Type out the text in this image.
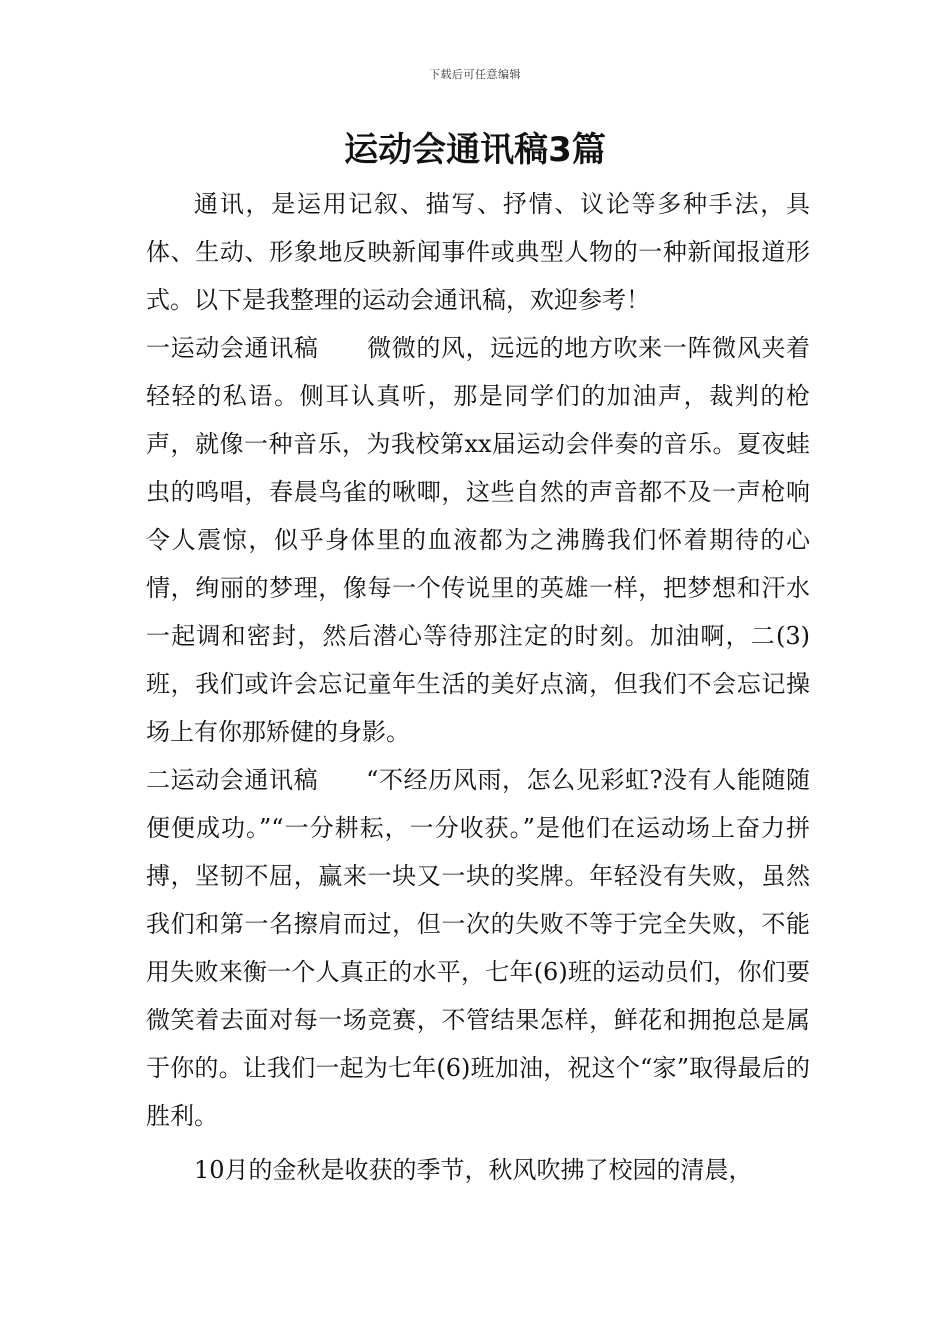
下载后可任意编辑
运动会通讯稿3篇

通讯，是运用记叙、描写、抒情、议论等多种手法，具体、生动、形象地反映新闻事件或典型人物的一种新闻报道形式。以下是我整理的运动会通讯稿，欢迎参考！

一运动会通讯稿 微微的风，远远的地方吹来一阵微风夹着轻轻的私语。侧耳认真听，那是同学们的加油声，裁判的枪声，就像一种音乐，为我校第xx届运动会伴奏的音乐。夏夜蛙虫的鸣唱，春晨鸟雀的啾唧，这些自然的声音都不及一声枪响令人震惊，似乎身体里的血液都为之沸腾我们怀着期待的心情，绚丽的梦理，像每一个传说里的英雄一样，把梦想和汗水一起调和密封，然后潜心等待那注定的时刻。加油啊，二(3)班，我们或许会忘记童年生活的美好点滴，但我们不会忘记操场上有你那矫健的身影。

二运动会通讯稿 “不经历风雨，怎么见彩虹?没有人能随随便便成功。”“一分耕耘，一分收获。”是他们在运动场上奋力拼搏，坚韧不屈，赢来一块又一块的奖牌。年轻没有失败，虽然我们和第一名擦肩而过，但一次的失败不等于完全失败，不能用失败来衡一个人真正的水平，七年(6)班的运动员们，你们要微笑着去面对每一场竞赛，不管结果怎样，鲜花和拥抱总是属于你的。让我们一起为七年(6)班加油，祝这个“家”取得最后的胜利。

10月的金秋是收获的季节，秋风吹拂了校园的清晨，
